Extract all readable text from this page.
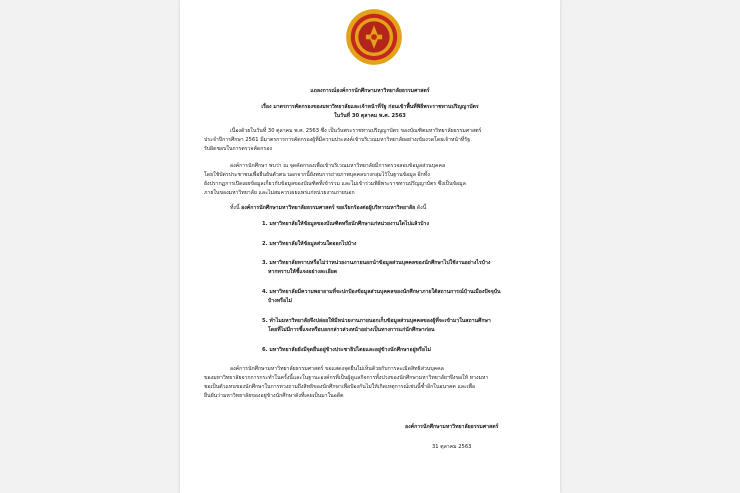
แถลงการณ์องค์การนักศึกษามหาวิทยาลัยธรรมศาสตร์
เรื่อง มาตรการคัดกรองของมหาวิทยาลัยและเจ้าหน้าที่รัฐ ก่อนเข้าพื้นที่พิธีพระราชทานปริญญาบัตร
ในวันที่ 30 ตุลาคม พ.ศ. 2563
เนื่องด้วยในวันที่ 30 ตุลาคม พ.ศ. 2563 ซึ่ง เป็นวันพระราชทานปริญญาบัตร ของบัณฑิตมหาวิทยาลัยธรรมศาสตร์
ประจำปีการศึกษา 2561 มีมาตรการการคัดกรองผู้ที่มีความประสงค์เข้าบริเวณมหาวิทยาลัยอย่างเข้มงวดโดยเจ้าหน้าที่รัฐ
รับผิดชอบในการตรวจคัดกรอง
องค์การนักศึกษา พบว่า ณ จุดคัดกรองเพื่อเข้าบริเวณมหาวิทยาลัยมีการตรวจสอบข้อมูลส่วนบุคคล
โดยใช้บัตรประชาชนเพื่อยืนยันตัวตน นอกจากนี้ยังพบการถ่ายภาพบุคคลบางกลุ่มไว้ในฐานข้อมูล อีกทั้ง
ยังปรากฏการเปิดเผยข้อมูลเกี่ยวกับข้อมูลของบัณฑิตที่เข้าร่วม และไม่เข้าร่วมพิธีพระราชทานปริญญาบัตร ซึ่งเป็นข้อมูล
ภายในของมหาวิทยาลัย และไม่สมควรเผยแพร่แก่หน่วยงานภายนอก
ทั้งนี้ องค์การนักศึกษามหาวิทยาลัยธรรมศาสตร์ ขอเรียกร้องต่อผู้บริหารมหาวิทยาลัย ดังนี้
1. มหาวิทยาลัยให้ข้อมูลของบัณฑิตหรือนักศึกษาแก่หน่วยงานใดไปแล้วบ้าง
2. มหาวิทยาลัยให้ข้อมูลส่วนใดออกไปบ้าง
3. มหาวิทยาลัยทราบหรือไม่ว่าหน่วยงานภายนอกนำข้อมูลส่วนบุคคลของนักศึกษาไปใช้งานอย่างไรบ้าง
หากทราบให้ชี้แจงอย่างละเอียด
4. มหาวิทยาลัยมีความพยายามที่จะปกป้องข้อมูลส่วนบุคคลของนักศึกษาภายใต้สถานการณ์บ้านเมืองปัจจุบัน
บ้างหรือไม่
5. ทำไมมหาวิทยาลัยจึงปล่อยให้มีหน่วยงานภายนอกเก็บข้อมูลส่วนบุคคลของผู้ที่จะเข้ามาในสถานศึกษา
โดยที่ไม่มีการชี้แจงหรือบอกกล่าวล่วงหน้าอย่างเป็นทางการแก่นักศึกษาก่อน
6. มหาวิทยาลัยยังมีจุดยืนอยู่ข้างประชาธิปไตยและอยู่ข้างนักศึกษาอยู่หรือไม่
องค์การนักศึกษามหาวิทยาลัยธรรมศาสตร์ ขอแสดงจุดยืนไม่เห็นด้วยกับการละเมิดสิทธิส่วนบุคคล
ของมหาวิทยาลัยจากการกระทำในครั้งนี้และในฐานะองค์กรที่เป็นผู้ดูแลกิจการทั้งปวงของนักศึกษามหาวิทยาลัยฯจึงขอให้ ทางมหา
ชอเป็นตัวแทนของนักศึกษาในการทวงถามถึงสิทธิของนักศึกษาเพื่อป้องกันไม่ให้เกิดเหตุการณ์เช่นนี้ซ้ำอีกในอนาคต และเพื่อ
ยืนยันว่ามหาวิทยาลัยของอยู่ข้างนักศึกษาดังที่เคยเป็นมาในอดีต
องค์การนักศึกษามหาวิทยาลัยธรรมศาสตร์
31 ตุลาคม 2563
